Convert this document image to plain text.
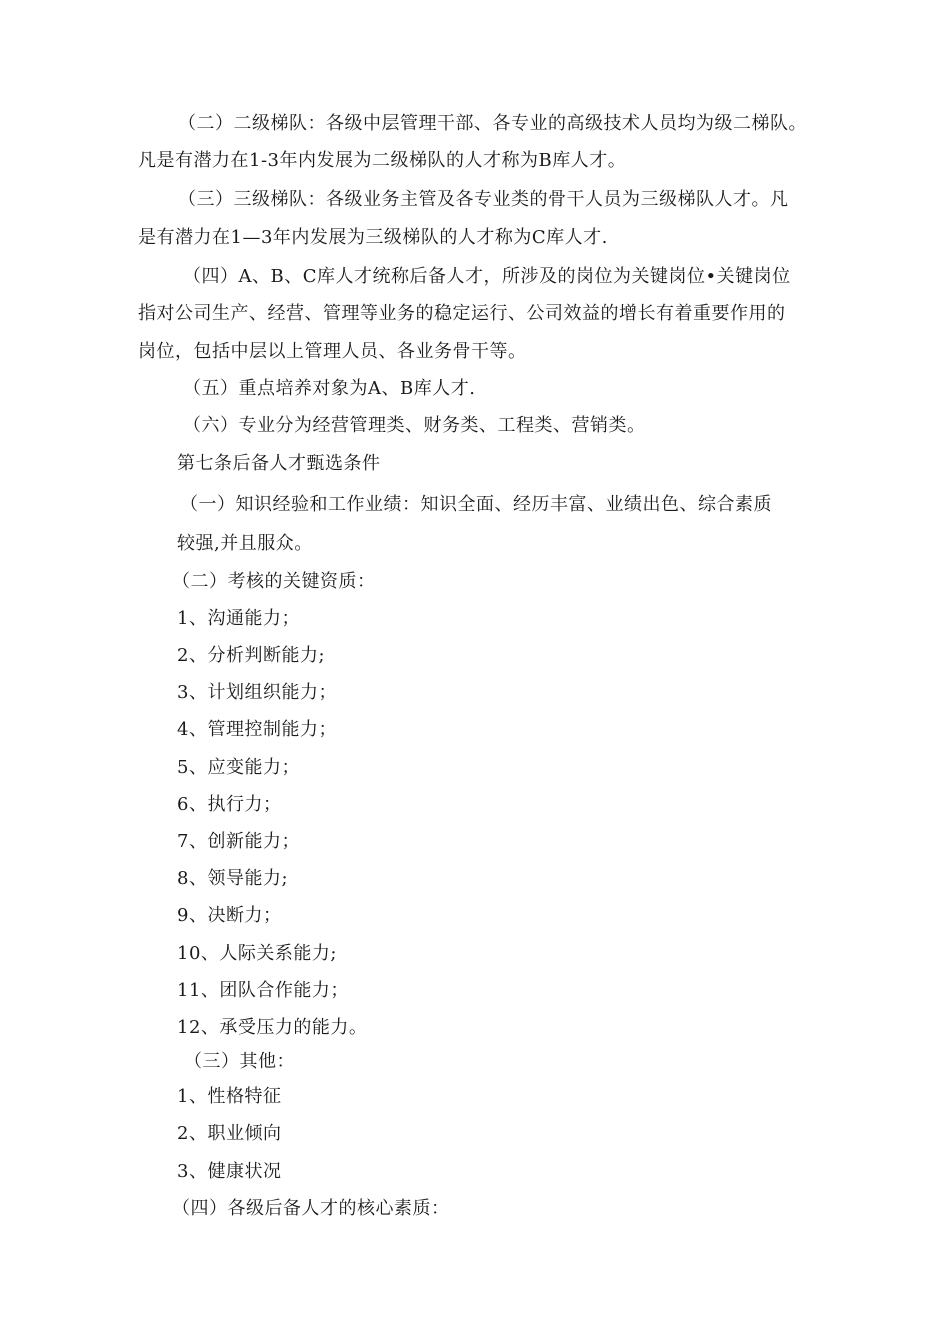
（二）二级梯队：各级中层管理干部、各专业的高级技术人员均为级二梯队。
凡是有潜力在1-3年内发展为二级梯队的人才称为B库人才。
（三）三级梯队：各级业务主管及各专业类的骨干人员为三级梯队人才。凡
是有潜力在1—3年内发展为三级梯队的人才称为C库人才.
（四）A、B、C库人才统称后备人才，所涉及的岗位为关键岗位•关键岗位
指对公司生产、经营、管理等业务的稳定运行、公司效益的增长有着重要作用的
岗位，包括中层以上管理人员、各业务骨干等。
（五）重点培养对象为A、B库人才.
（六）专业分为经营管理类、财务类、工程类、营销类。
第七条后备人才甄选条件
（一）知识经验和工作业绩：知识全面、经历丰富、业绩出色、综合素质
较强,并且服众。
（二）考核的关键资质：
1、沟通能力；
2、分析判断能力;
3、计划组织能力；
4、管理控制能力；
5、应变能力；
6、执行力；
7、创新能力；
8、领导能力;
9、决断力；
10、人际关系能力;
11、团队合作能力；
12、承受压力的能力。
（三）其他：
1、性格特征
2、职业倾向
3、健康状况
（四）各级后备人才的核心素质：
